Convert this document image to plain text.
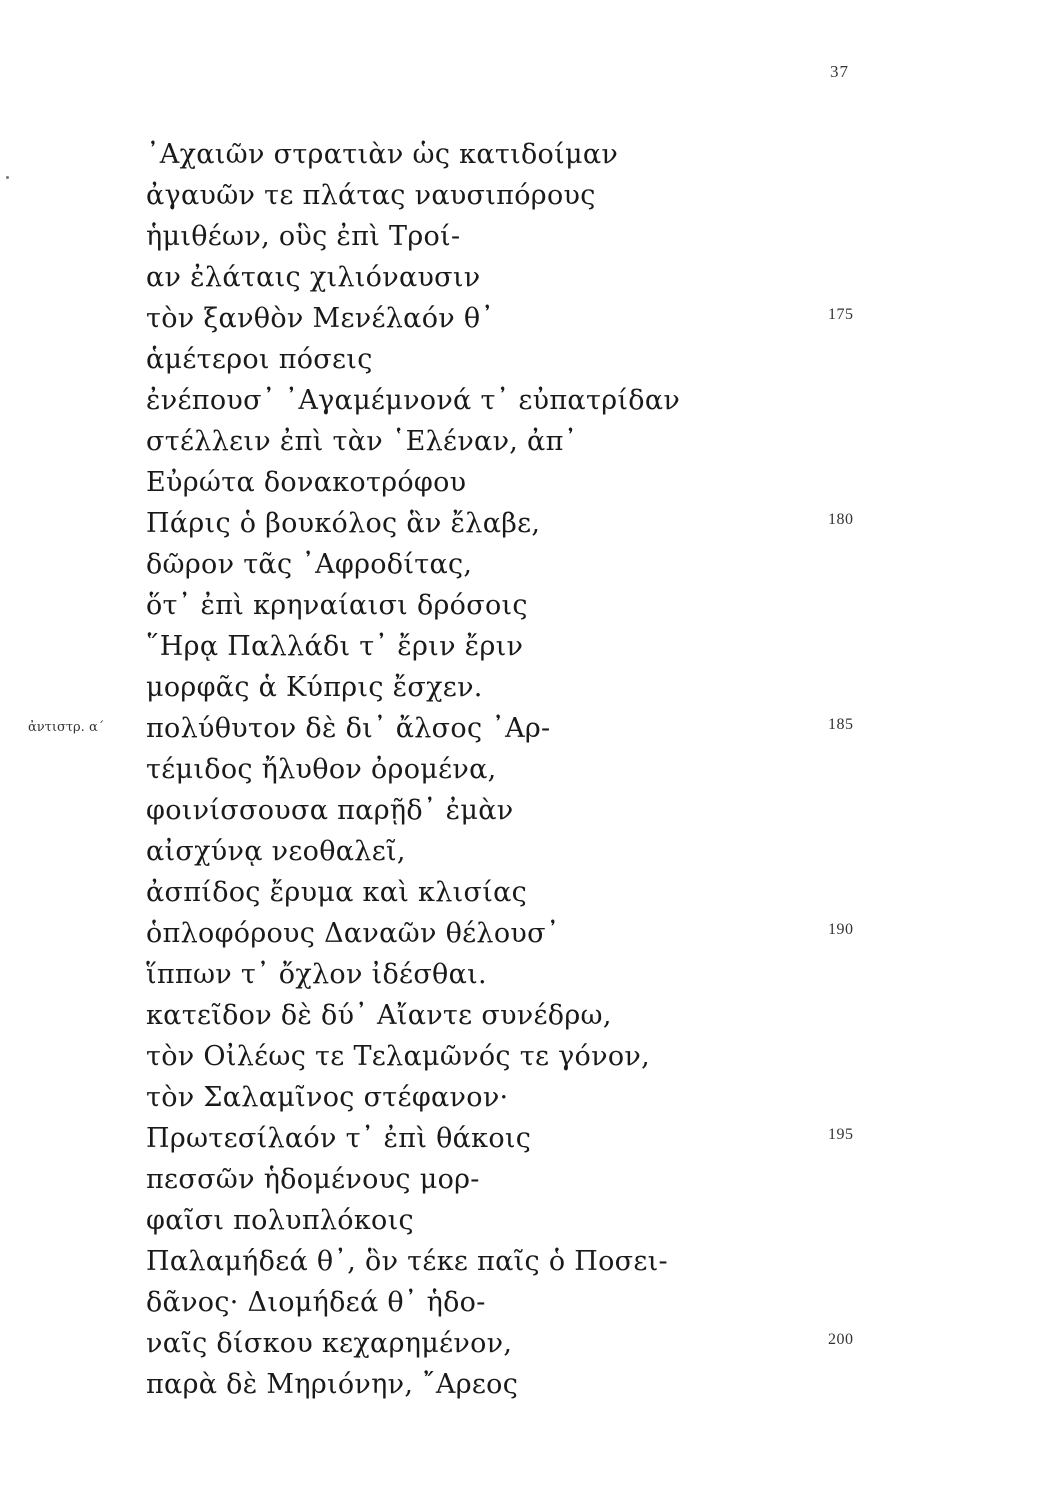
37
᾿Αχαιῶν στρατιὰν ὡς κατιδοίμαν
ἀγαυῶν τε πλάτας ναυσιπόρους
ἡμιθέων, οὓς ἐπὶ Τροί-
αν ἐλάταις χιλιόναυσιν
τὸν ξανθὸν Μενέλαόν θ᾿	175
ἁμέτεροι πόσεις
ἐνέπουσ᾿ ᾿Αγαμέμνονά τ᾿ εὐπατρίδαν
στέλλειν ἐπὶ τὰν ῾Ελέναν, ἀπ᾿
Εὐρώτα δονακοτρόφου
Πάρις ὁ βουκόλος ἃν ἔλαβε,	180
δῶρον τᾶς ᾿Αφροδίτας,
ὅτ᾿ ἐπὶ κρηναίαισι δρόσοις
῞Ηρᾳ Παλλάδι τ᾿ ἔριν ἔριν
μορφᾶς ἁ Κύπρις ἔσχεν.
πολύθυτον δὲ δι᾿ ἄλσος ᾿Αρ-	185
ἀντιστρ. α΄
τέμιδος ἤλυθον ὀρομένα,
φοινίσσουσα παρῇδ᾿ ἐμὰν
αἰσχύνᾳ νεοθαλεῖ,
ἀσπίδος ἔρυμα καὶ κλισίας
ὁπλοφόρους Δαναῶν θέλουσ᾿	190
ἵππων τ᾿ ὄχλον ἰδέσθαι.
κατεῖδον δὲ δύ᾿ Αἴαντε συνέδρω,
τὸν Οἰλέως τε Τελαμῶνός τε γόνον,
τὸν Σαλαμῖνος στέφανον·
Πρωτεσίλαόν τ᾿ ἐπὶ θάκοις	195
πεσσῶν ἡδομένους μορ-
φαῖσι πολυπλόκοις
Παλαμήδεά θ᾿, ὃν τέκε παῖς ὁ Ποσει-
δᾶνος· Διομήδεά θ᾿ ἡδο-
ναῖς δίσκου κεχαρημένον,	200
παρὰ δὲ Μηριόνην, ῎Αρεος
